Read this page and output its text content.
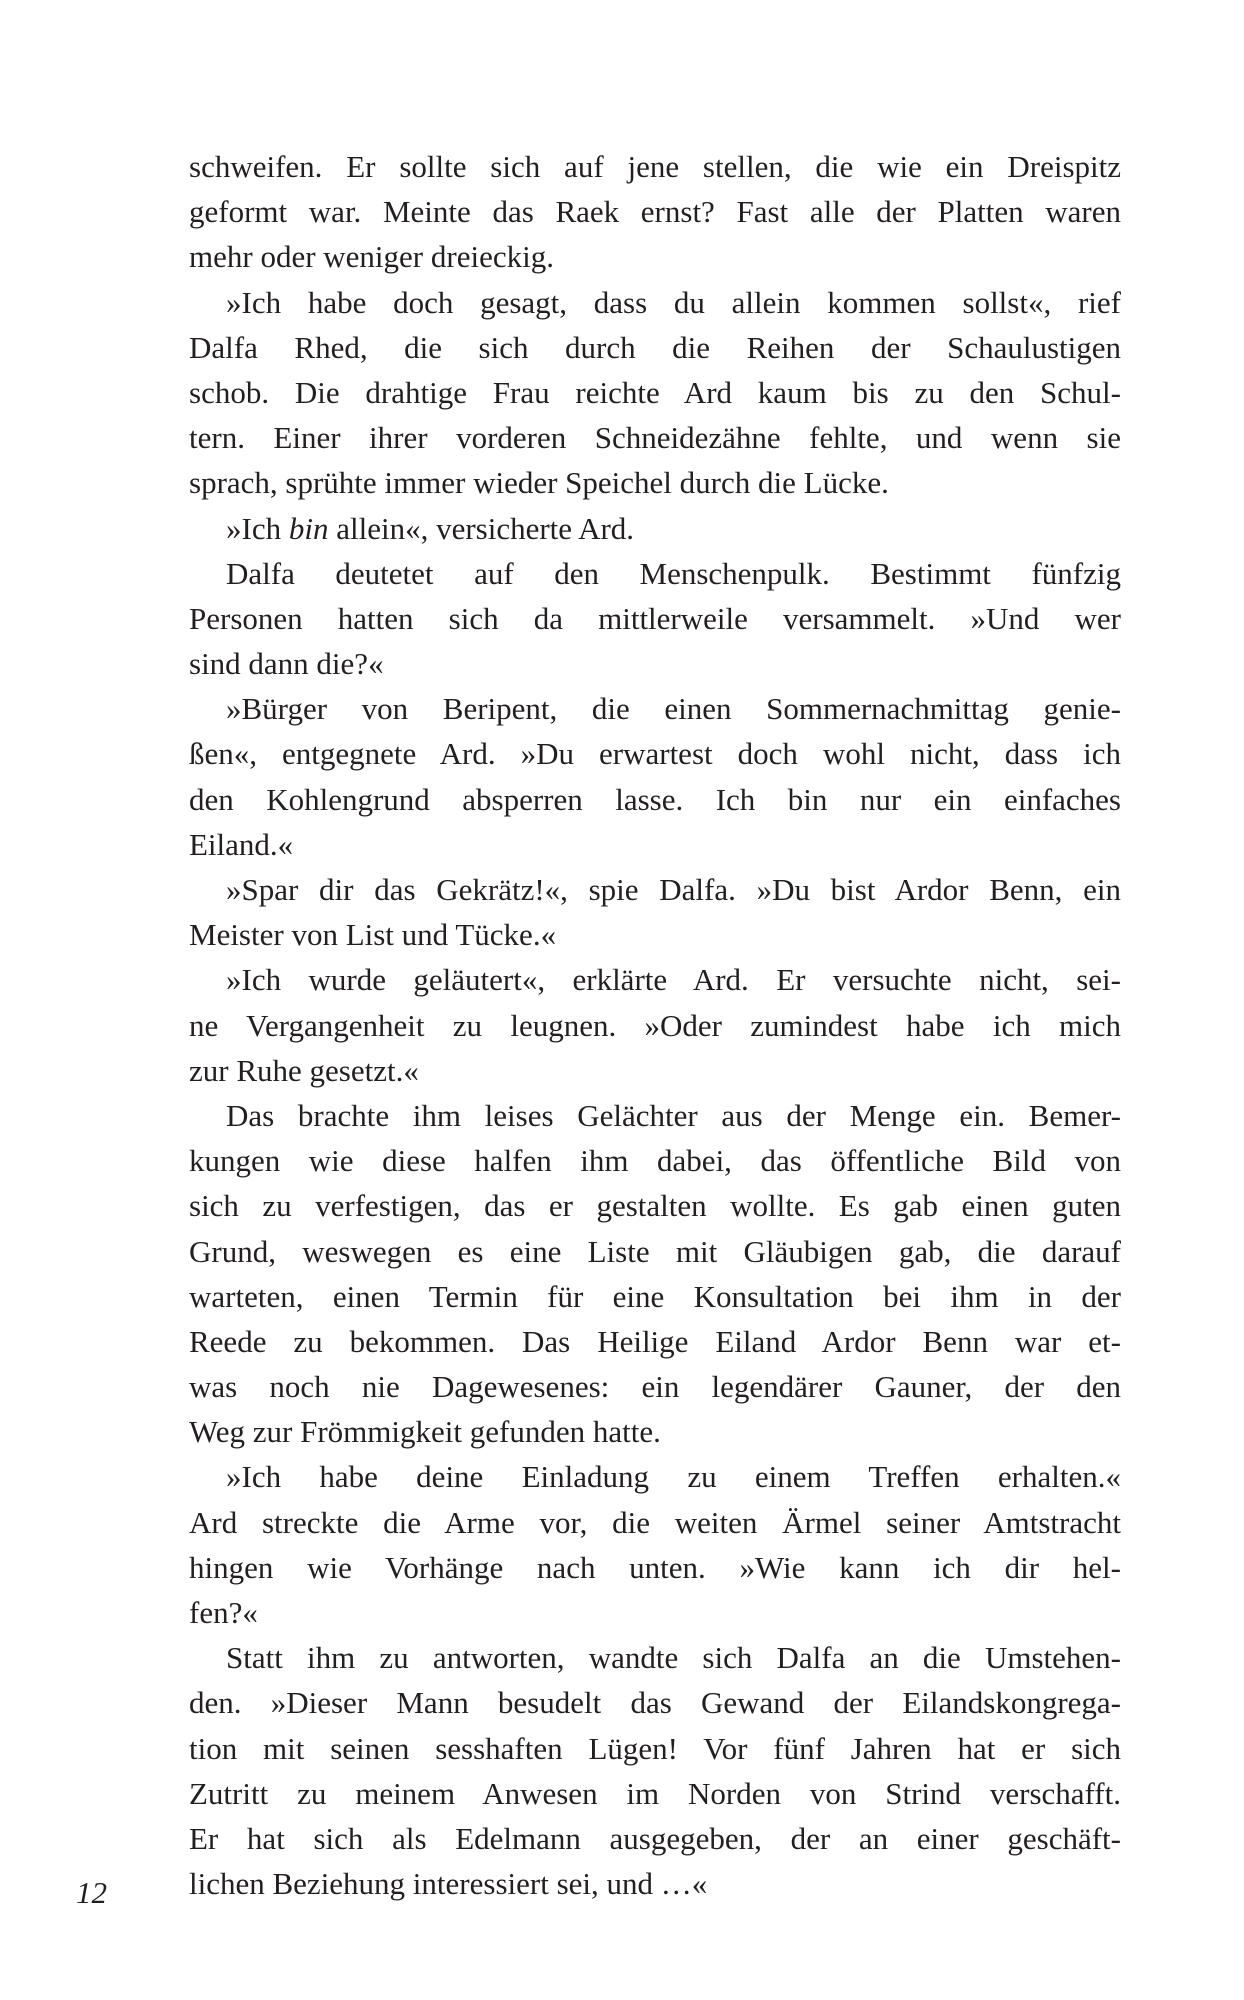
schweifen. Er sollte sich auf jene stellen, die wie ein Dreispitz
geformt war. Meinte das Raek ernst? Fast alle der Platten waren
mehr oder weniger dreieckig.
»Ich habe doch gesagt, dass du allein kommen sollst«, rief
Dalfa Rhed, die sich durch die Reihen der Schaulustigen
schob. Die drahtige Frau reichte Ard kaum bis zu den Schul-
tern. Einer ihrer vorderen Schneidezähne fehlte, und wenn sie
sprach, sprühte immer wieder Speichel durch die Lücke.
»Ich bin allein«, versicherte Ard.
Dalfa deutetet auf den Menschenpulk. Bestimmt fünfzig
Personen hatten sich da mittlerweile versammelt. »Und wer
sind dann die?«
»Bürger von Beripent, die einen Sommernachmittag genie-
ßen«, entgegnete Ard. »Du erwartest doch wohl nicht, dass ich
den Kohlengrund absperren lasse. Ich bin nur ein einfaches
Eiland.«
»Spar dir das Gekrätz!«, spie Dalfa. »Du bist Ardor Benn, ein
Meister von List und Tücke.«
»Ich wurde geläutert«, erklärte Ard. Er versuchte nicht, sei-
ne Vergangenheit zu leugnen. »Oder zumindest habe ich mich
zur Ruhe gesetzt.«
Das brachte ihm leises Gelächter aus der Menge ein. Bemer-
kungen wie diese halfen ihm dabei, das öffentliche Bild von
sich zu verfestigen, das er gestalten wollte. Es gab einen guten
Grund, weswegen es eine Liste mit Gläubigen gab, die darauf
warteten, einen Termin für eine Konsultation bei ihm in der
Reede zu bekommen. Das Heilige Eiland Ardor Benn war et-
was noch nie Dagewesenes: ein legendärer Gauner, der den
Weg zur Frömmigkeit gefunden hatte.
»Ich habe deine Einladung zu einem Treffen erhalten.«
Ard streckte die Arme vor, die weiten Ärmel seiner Amtstracht
hingen wie Vorhänge nach unten. »Wie kann ich dir hel-
fen?«
Statt ihm zu antworten, wandte sich Dalfa an die Umstehen-
den. »Dieser Mann besudelt das Gewand der Eilandskongrega-
tion mit seinen sesshaften Lügen! Vor fünf Jahren hat er sich
Zutritt zu meinem Anwesen im Norden von Strind verschafft.
Er hat sich als Edelmann ausgegeben, der an einer geschäft-
lichen Beziehung interessiert sei, und …«
12
